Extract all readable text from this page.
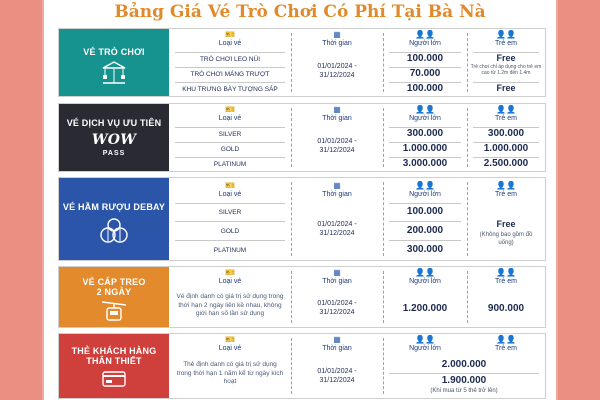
Bảng Giá Vé Trò Chơi Có Phí Tại Bà Nà
VÉ TRÒ CHƠI
🎫
Loại vé
TRÒ CHƠI LEO NÚI
TRÒ CHƠI MÁNG TRƯỢT
KHU TRƯNG BÀY TƯỢNG SÁP
▦
Thời gian
01/01/2024 -
31/12/2024
👤👤
Người lớn
100.000
70.000
100.000
👤👤
Trẻ em
Free
Trẻ chơi chỉ áp dụng cho trẻ em cao từ 1.2m đến 1.4m
Free
VÉ DỊCH VỤ ƯU TIÊN
WOW
PASS
🎫
Loại vé
SILVER
GOLD
PLATINUM
▦
Thời gian
01/01/2024 -
31/12/2024
👤👤
Người lớn
300.000
1.000.000
3.000.000
👤👤
Trẻ em
300.000
1.000.000
2.500.000
VÉ HẦM RƯỢU DEBAY
🎫
Loại vé
SILVER
GOLD
PLATINUM
▦
Thời gian
01/01/2024 -
31/12/2024
👤👤
Người lớn
100.000
200.000
300.000
👤👤
Trẻ em
Free
(Không bao gồm đồ uống)
VÉ CÁP TREO
2 NGÀY
🎫
Loại vé
Vé định danh có giá trị sử dụng trong thời hạn 2 ngày liên kề nhau, không giới hạn số lần sử dụng
▦
Thời gian
01/01/2024 -
31/12/2024
👤👤
Người lớn
1.200.000
👤👤
Trẻ em
900.000
THẺ KHÁCH HÀNG
THÂN THIẾT
🎫
Loại vé
Thẻ định danh có giá trị sử dụng trong thời hạn 1 năm kể từ ngày kích hoạt
▦
Thời gian
01/01/2024 -
31/12/2024
👤👤
Người lớn
👤👤
Trẻ em
2.000.000
1.900.000
(Khi mua từ 5 thẻ trở lên)
